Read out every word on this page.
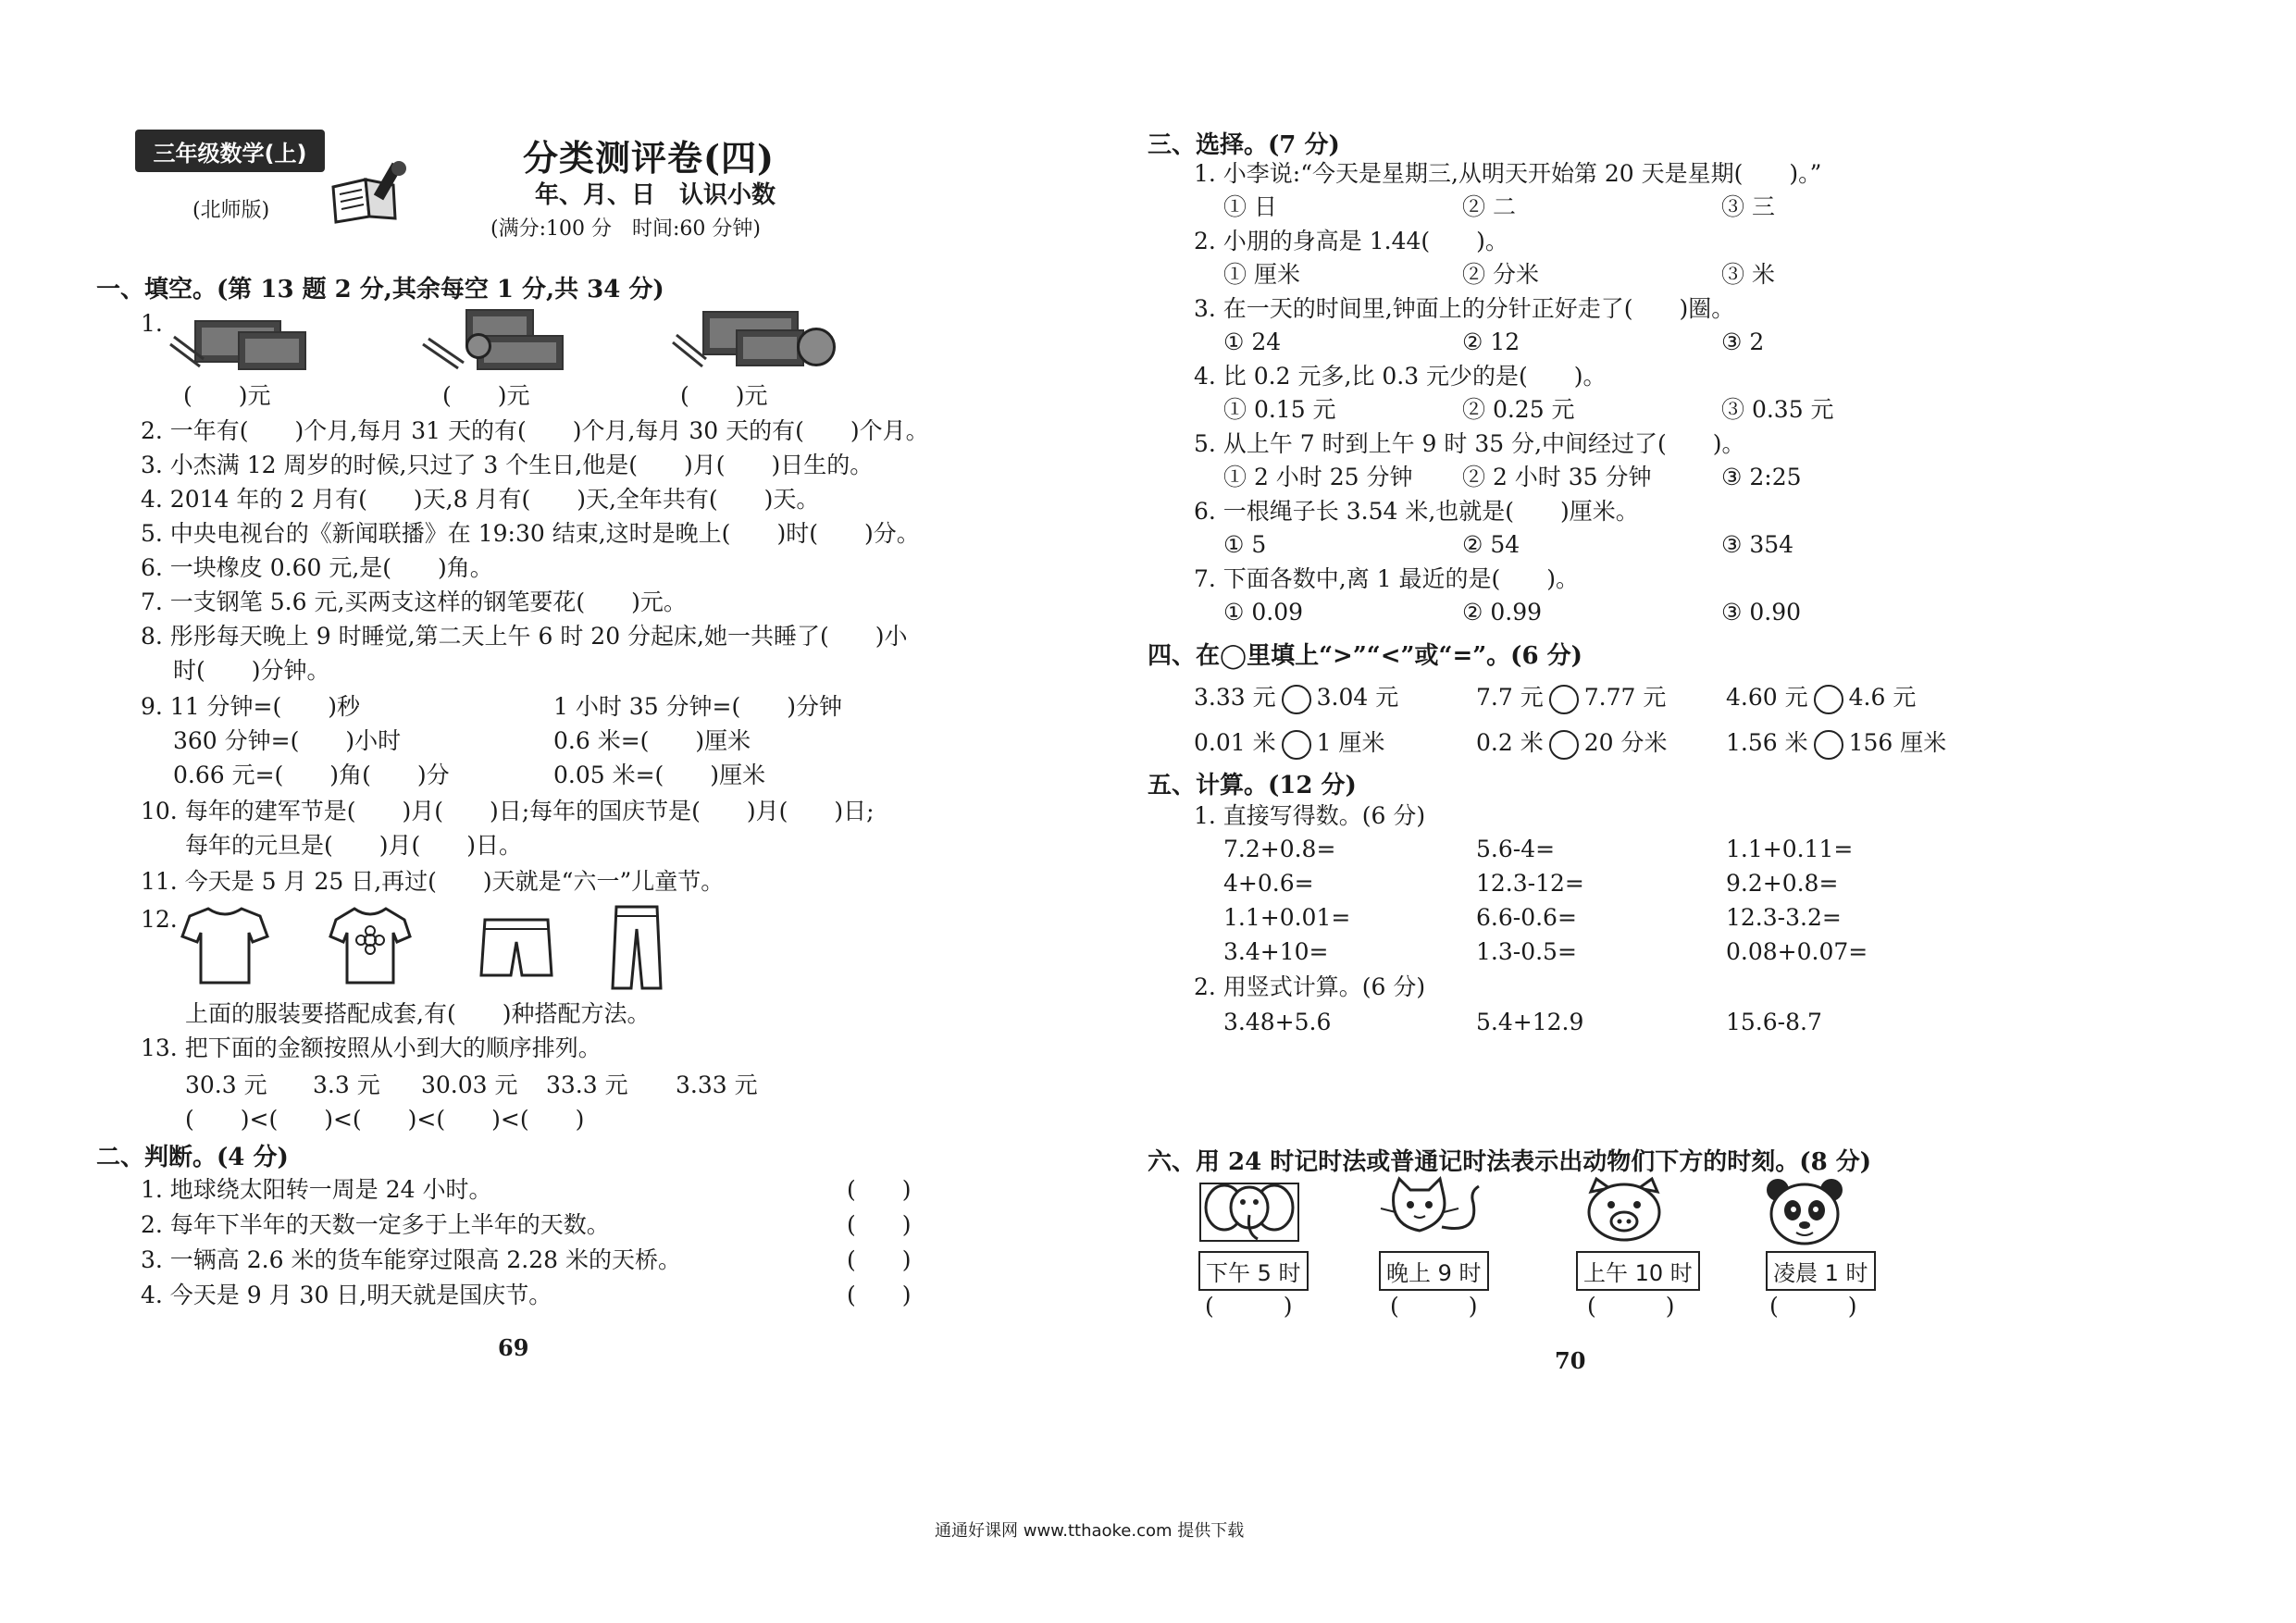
三年级数学(上)
(北师版)
分类测评卷(四)
年、月、日　认识小数
(满分:100 分　时间:60 分钟)
一、填空。(第 13 题 2 分,其余每空 1 分,共 34 分)
1.
(　　)元	(　　)元	(　　)元
2. 一年有(　　)个月,每月 31 天的有(　　)个月,每月 30 天的有(　　)个月。
3. 小杰满 12 周岁的时候,只过了 3 个生日,他是(　　)月(　　)日生的。
4. 2014 年的 2 月有(　　)天,8 月有(　　)天,全年共有(　　)天。
5. 中央电视台的《新闻联播》在 19:30 结束,这时是晚上(　　)时(　　)分。
6. 一块橡皮 0.60 元,是(　　)角。
7. 一支钢笔 5.6 元,买两支这样的钢笔要花(　　)元。
8. 彤彤每天晚上 9 时睡觉,第二天上午 6 时 20 分起床,她一共睡了(　　)小
时(　　)分钟。
9. 11 分钟=(　　)秒	1 小时 35 分钟=(　　)分钟
360 分钟=(　　)小时	0.6 米=(　　)厘米
0.66 元=(　　)角(　　)分	0.05 米=(　　)厘米
10. 每年的建军节是(　　)月(　　)日;每年的国庆节是(　　)月(　　)日;
每年的元旦是(　　)月(　　)日。
11. 今天是 5 月 25 日,再过(　　)天就是“六一”儿童节。
12.
上面的服装要搭配成套,有(　　)种搭配方法。
13. 把下面的金额按照从小到大的顺序排列。
30.3 元 3.3 元 30.03 元 33.3 元 3.33 元
(　　)<(　　)<(　　)<(　　)<(　　)
二、判断。(4 分)
1. 地球绕太阳转一周是 24 小时。	(　　)
2. 每年下半年的天数一定多于上半年的天数。	(　　)
3. 一辆高 2.6 米的货车能穿过限高 2.28 米的天桥。	(　　)
4. 今天是 9 月 30 日,明天就是国庆节。	(　　)
69
三、选择。(7 分)
1. 小李说:“今天是星期三,从明天开始第 20 天是星期(　　)。”
① 日	② 二	③ 三
2. 小朋的身高是 1.44(　　)。
① 厘米	② 分米	③ 米
3. 在一天的时间里,钟面上的分针正好走了(　　)圈。
① 24	② 12	③ 2
4. 比 0.2 元多,比 0.3 元少的是(　　)。
① 0.15 元	② 0.25 元	③ 0.35 元
5. 从上午 7 时到上午 9 时 35 分,中间经过了(　　)。
① 2 小时 25 分钟 ② 2 小时 35 分钟	③ 2:25
6. 一根绳子长 3.54 米,也就是(　　)厘米。
① 5	② 54	③ 354
7. 下面各数中,离 1 最近的是(　　)。
① 0.09	② 0.99	③ 0.90
四、在◯里填上“>”“<”或“=”。(6 分)
3.33 元 3.04 元	7.7 元 7.77 元	4.60 元 4.6 元
0.01 米 1 厘米	0.2 米 20 分米	1.56 米 156 厘米
五、计算。(12 分)
1. 直接写得数。(6 分)
7.2+0.8=	5.6-4=	1.1+0.11=
4+0.6=	12.3-12=	9.2+0.8=
1.1+0.01=	6.6-0.6=	12.3-3.2=
3.4+10=	1.3-0.5=	0.08+0.07=
2. 用竖式计算。(6 分)
3.48+5.6	5.4+12.9	15.6-8.7
六、用 24 时记时法或普通记时法表示出动物们下方的时刻。(8 分)
下午 5 时
(　　　)
晚上 9 时
(　　　)
上午 10 时
(　　　)
凌晨 1 时
(　　　)
70
通通好课网 www.tthaoke.com 提供下载
